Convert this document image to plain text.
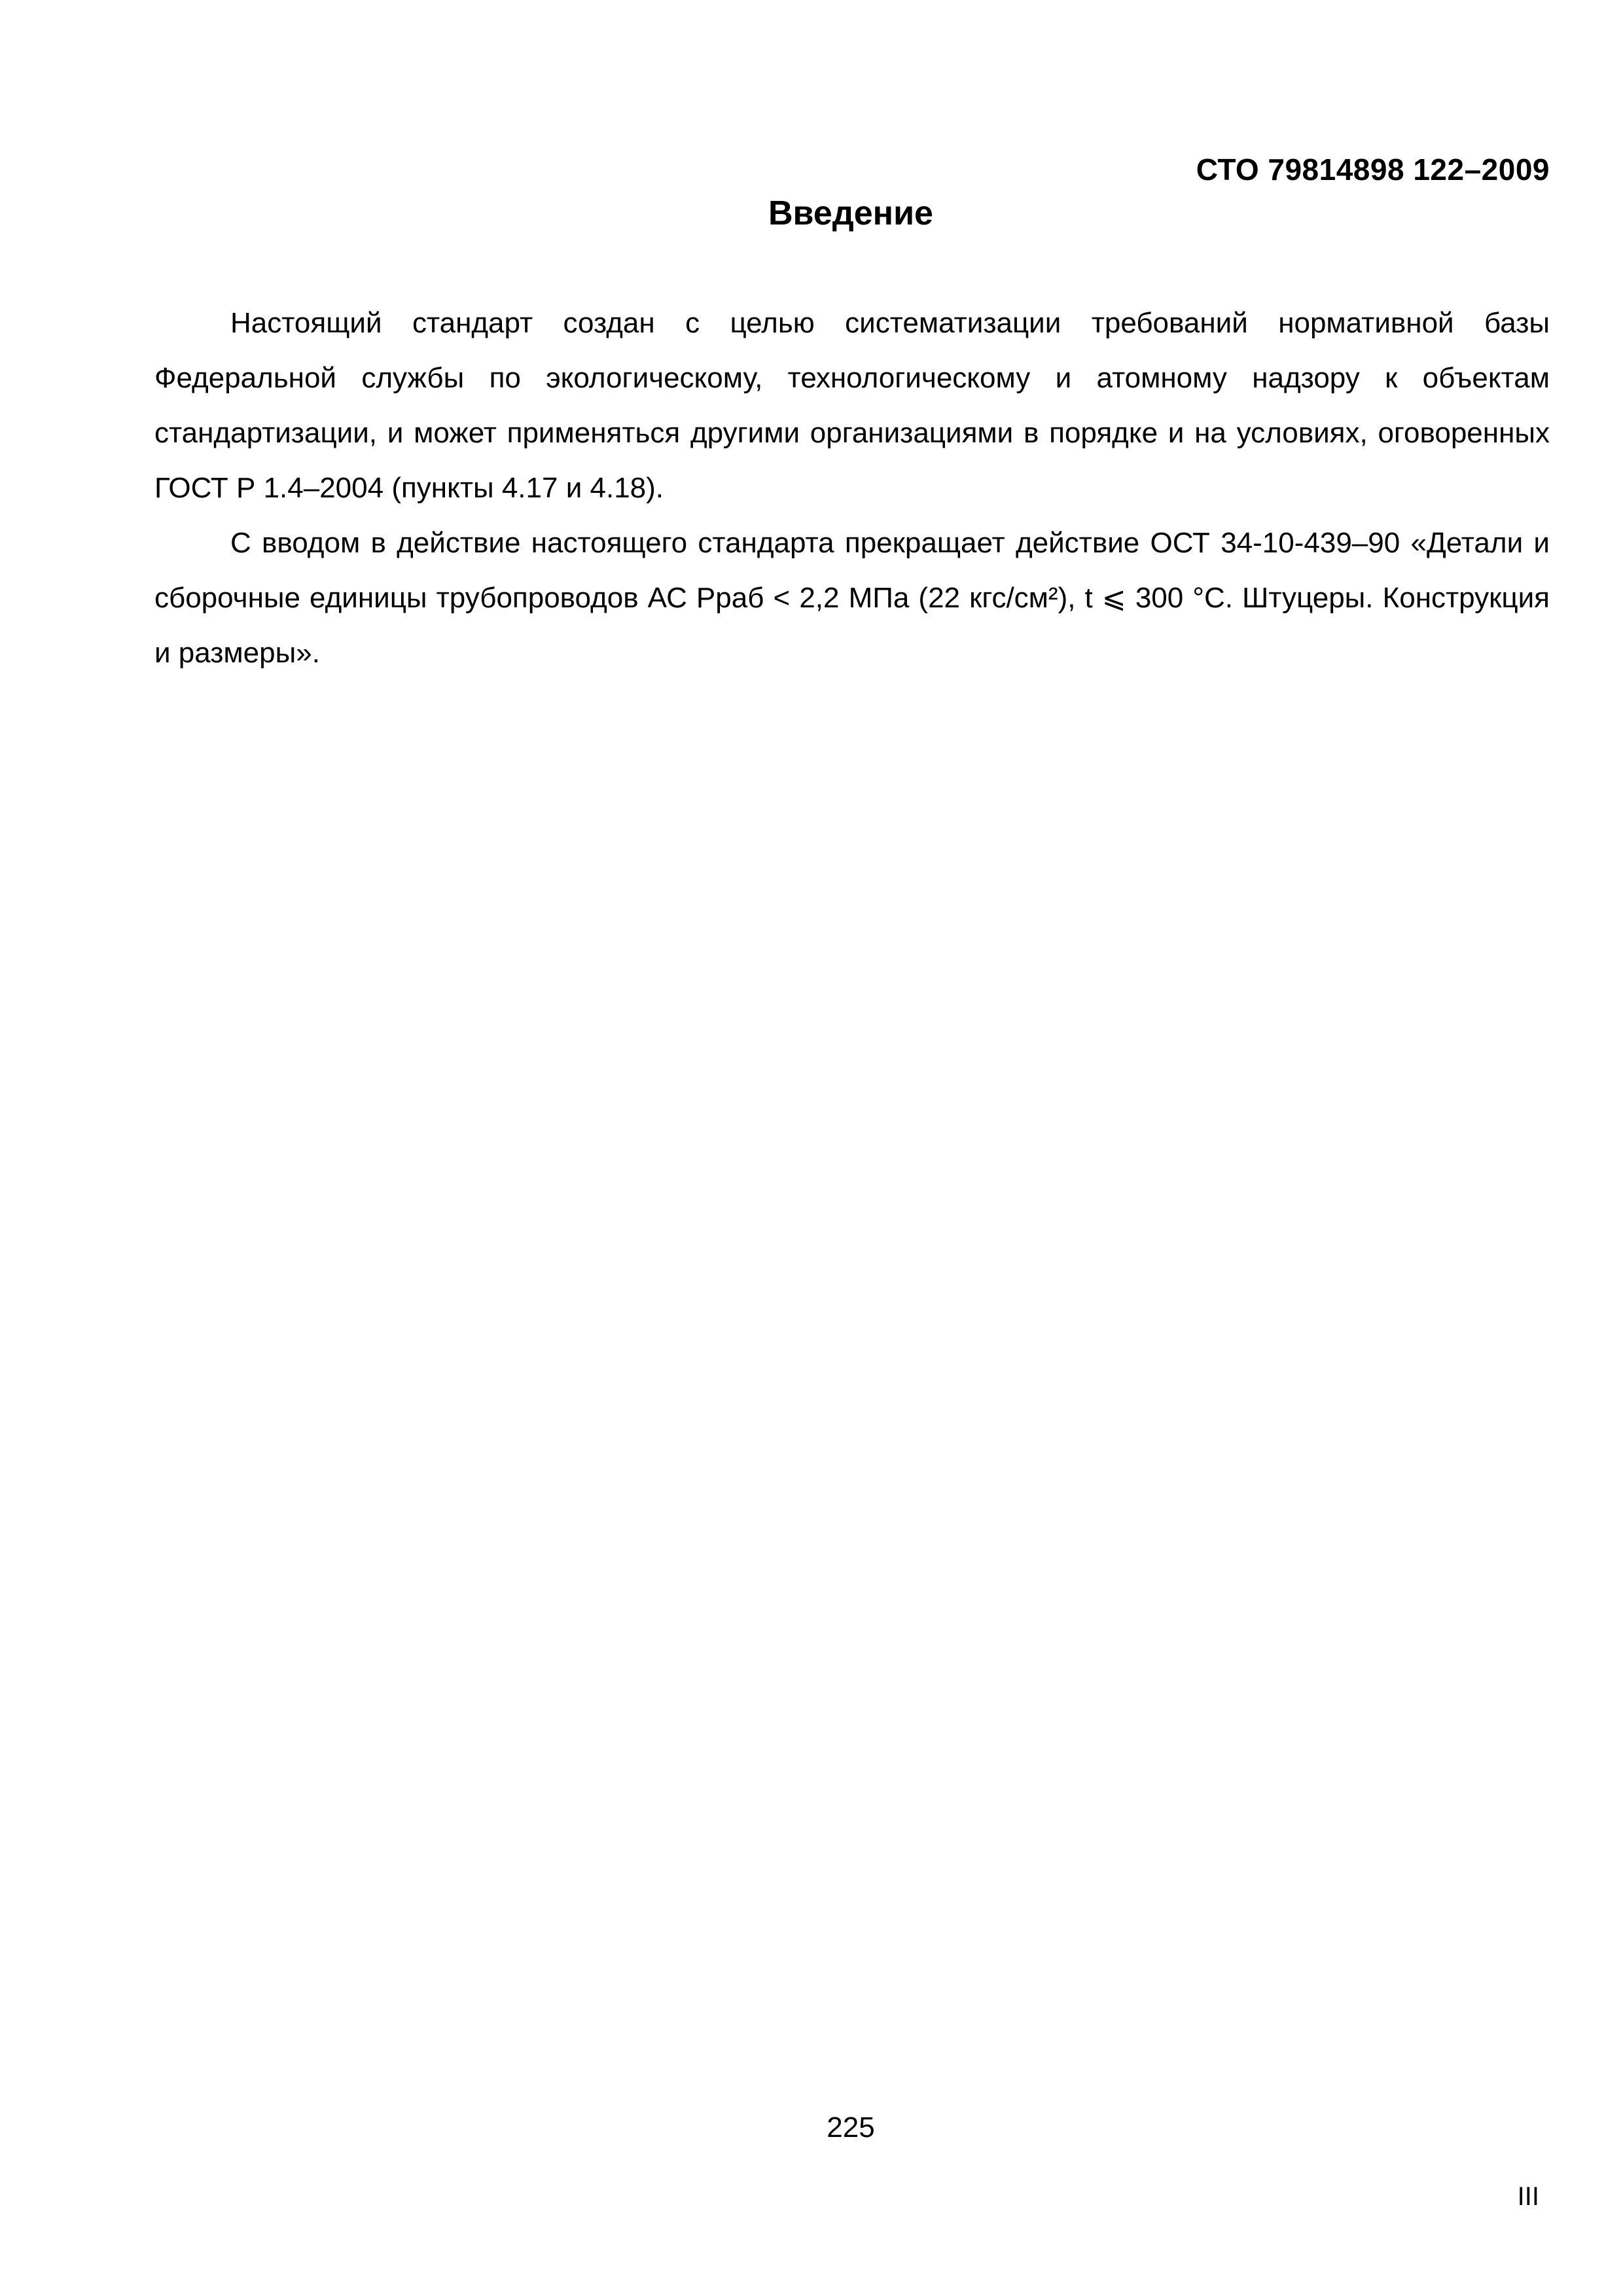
СТО 79814898 122–2009
Введение

Настоящий стандарт создан с целью систематизации требований нормативной базы Федеральной службы по экологическому, технологическому и атомному надзору к объектам стандартизации, и может применяться другими организациями в порядке и на условиях, оговоренных ГОСТ Р 1.4–2004 (пункты 4.17 и 4.18).

С вводом в действие настоящего стандарта прекращает действие ОСТ 34-10-439–90 «Детали и сборочные единицы трубопроводов АС Рраб < 2,2 МПа (22 кгс/см²), t ⩽ 300 °С. Штуцеры. Конструкция и размеры».

225
III
